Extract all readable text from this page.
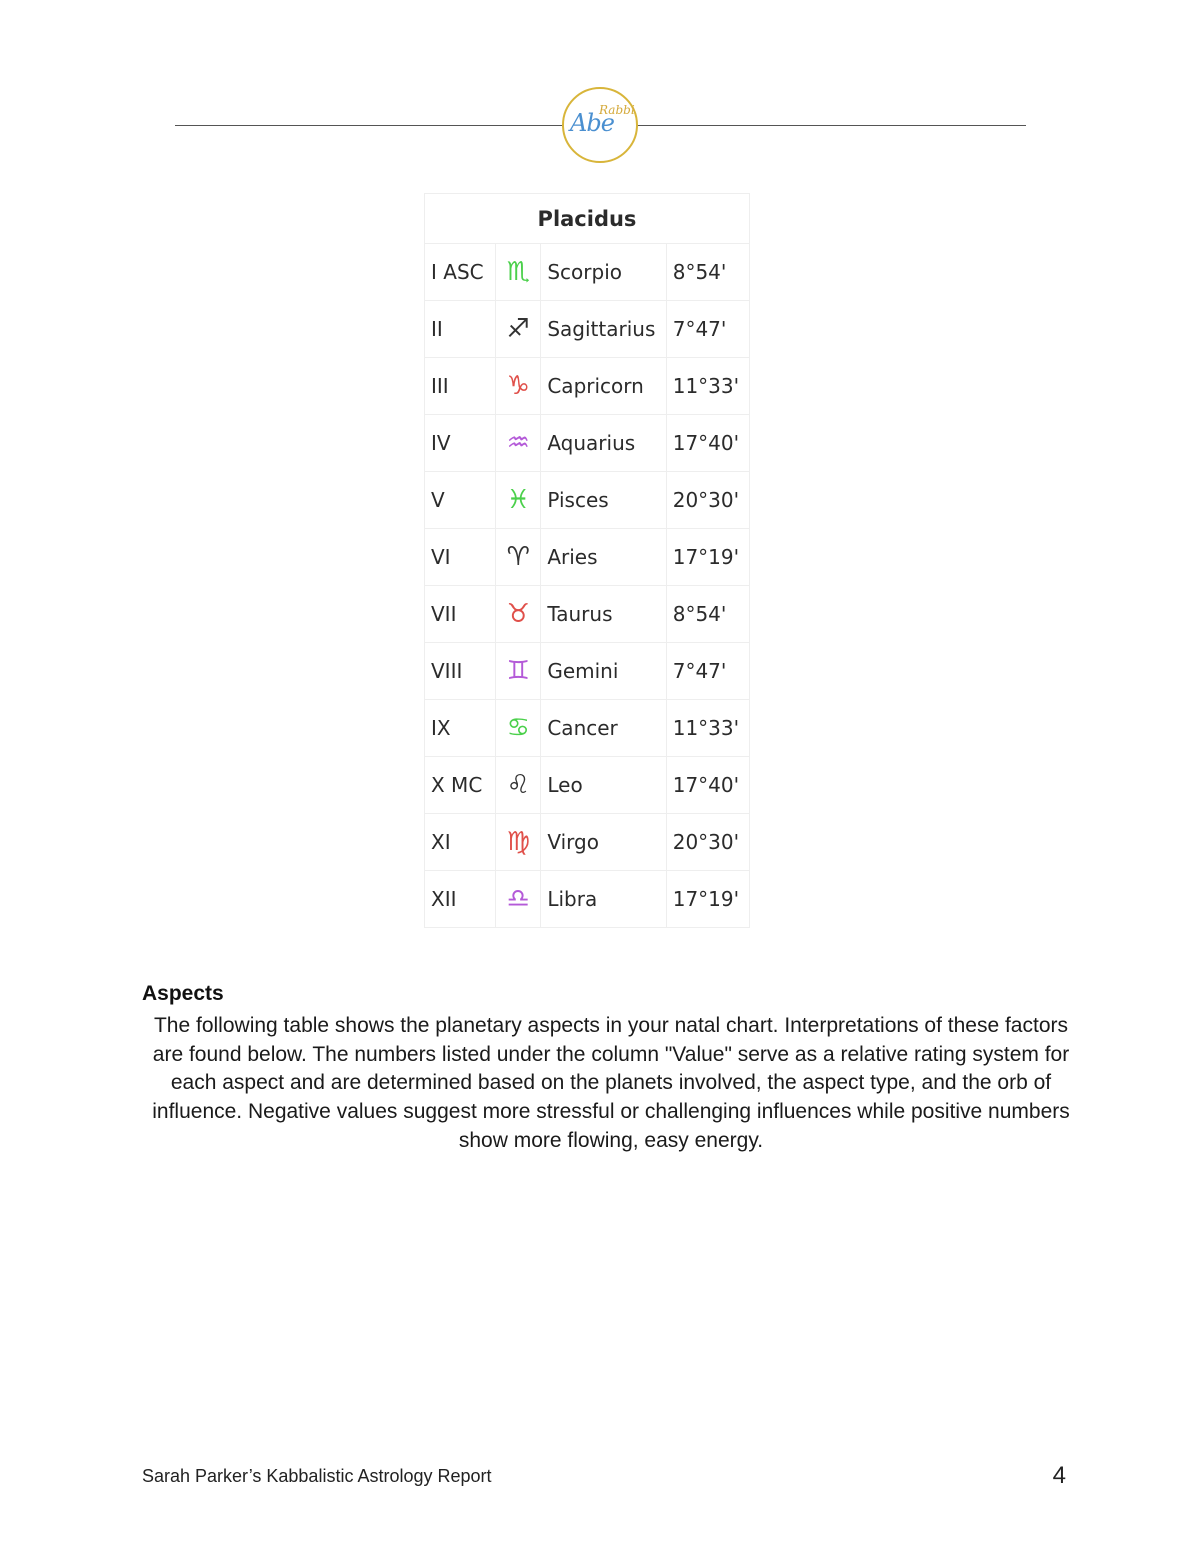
Abe
Rabbi
Placidus			
I ASC	♏	Scorpio	8°54'
II	♐	Sagittarius	7°47'
III	♑	Capricorn	11°33'
IV	♒	Aquarius	17°40'
V	♓	Pisces	20°30'
VI	♈	Aries	17°19'
VII	♉	Taurus	8°54'
VIII	♊	Gemini	7°47'
IX	♋	Cancer	11°33'
X MC	♌	Leo	17°40'
XI	♍	Virgo	20°30'
XII	♎	Libra	17°19'
Aspects
The following table shows the planetary aspects in your natal chart. Interpretations of these factors are found below. The numbers listed under the column "Value" serve as a relative rating system for each aspect and are determined based on the planets involved, the aspect type, and the orb of influence. Negative values suggest more stressful or challenging influences while positive numbers show more flowing, easy energy.
Sarah Parker’s Kabbalistic Astrology Report	4
